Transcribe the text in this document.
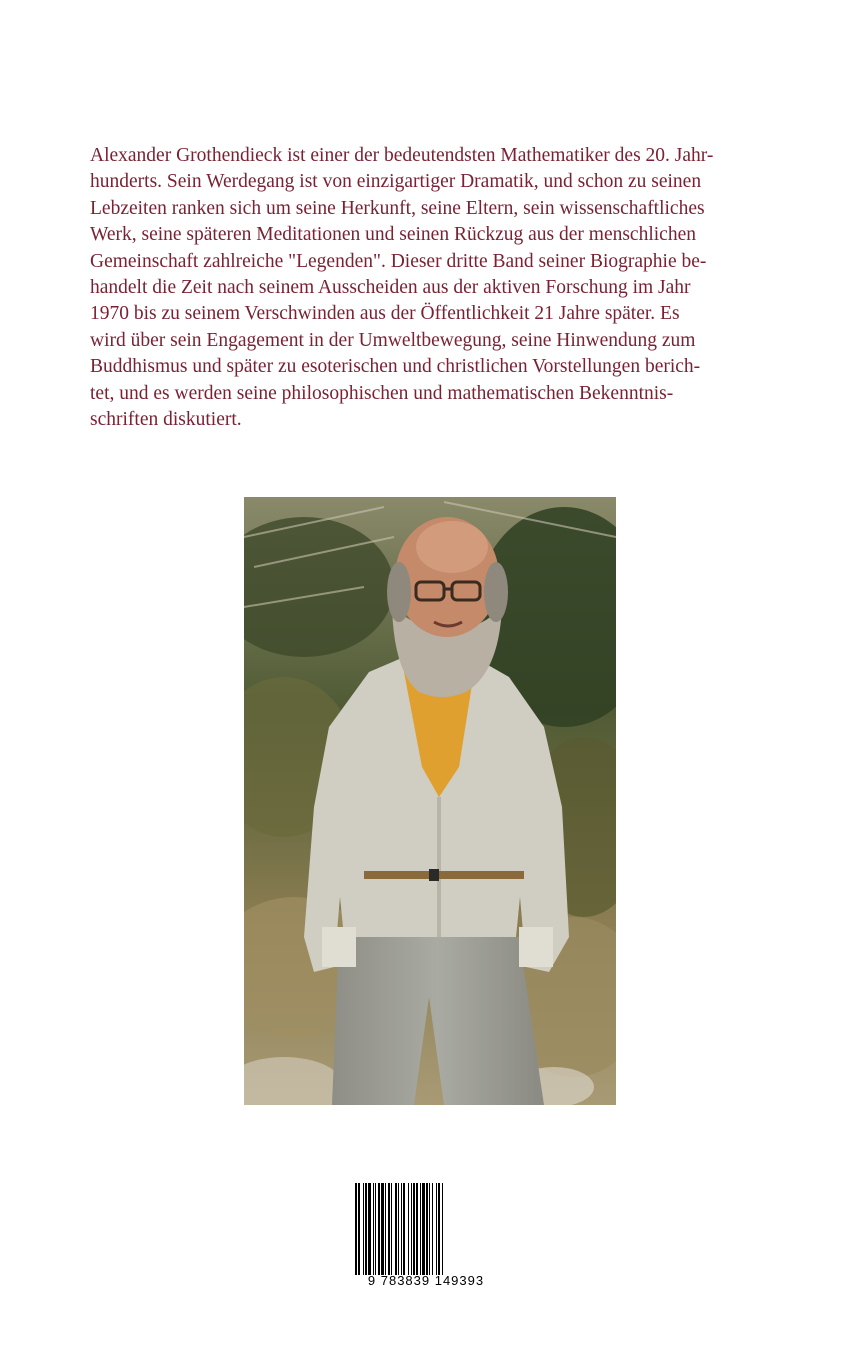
Alexander Grothendieck ist einer der bedeutendsten Mathematiker des 20. Jahr-
hunderts. Sein Werdegang ist von einzigartiger Dramatik, und schon zu seinen
Lebzeiten ranken sich um seine Herkunft, seine Eltern, sein wissenschaftliches
Werk, seine späteren Meditationen und seinen Rückzug aus der menschlichen
Gemeinschaft zahlreiche "Legenden". Dieser dritte Band seiner Biographie be-
handelt die Zeit nach seinem Ausscheiden aus der aktiven Forschung im Jahr
1970 bis zu seinem Verschwinden aus der Öffentlichkeit 21 Jahre später. Es
wird über sein Engagement in der Umweltbewegung, seine Hinwendung zum
Buddhismus und später zu esoterischen und christlichen Vorstellungen berich-
tet, und es werden seine philosophischen und mathematischen Bekenntnis-
schriften diskutiert.

9 783839 149393
